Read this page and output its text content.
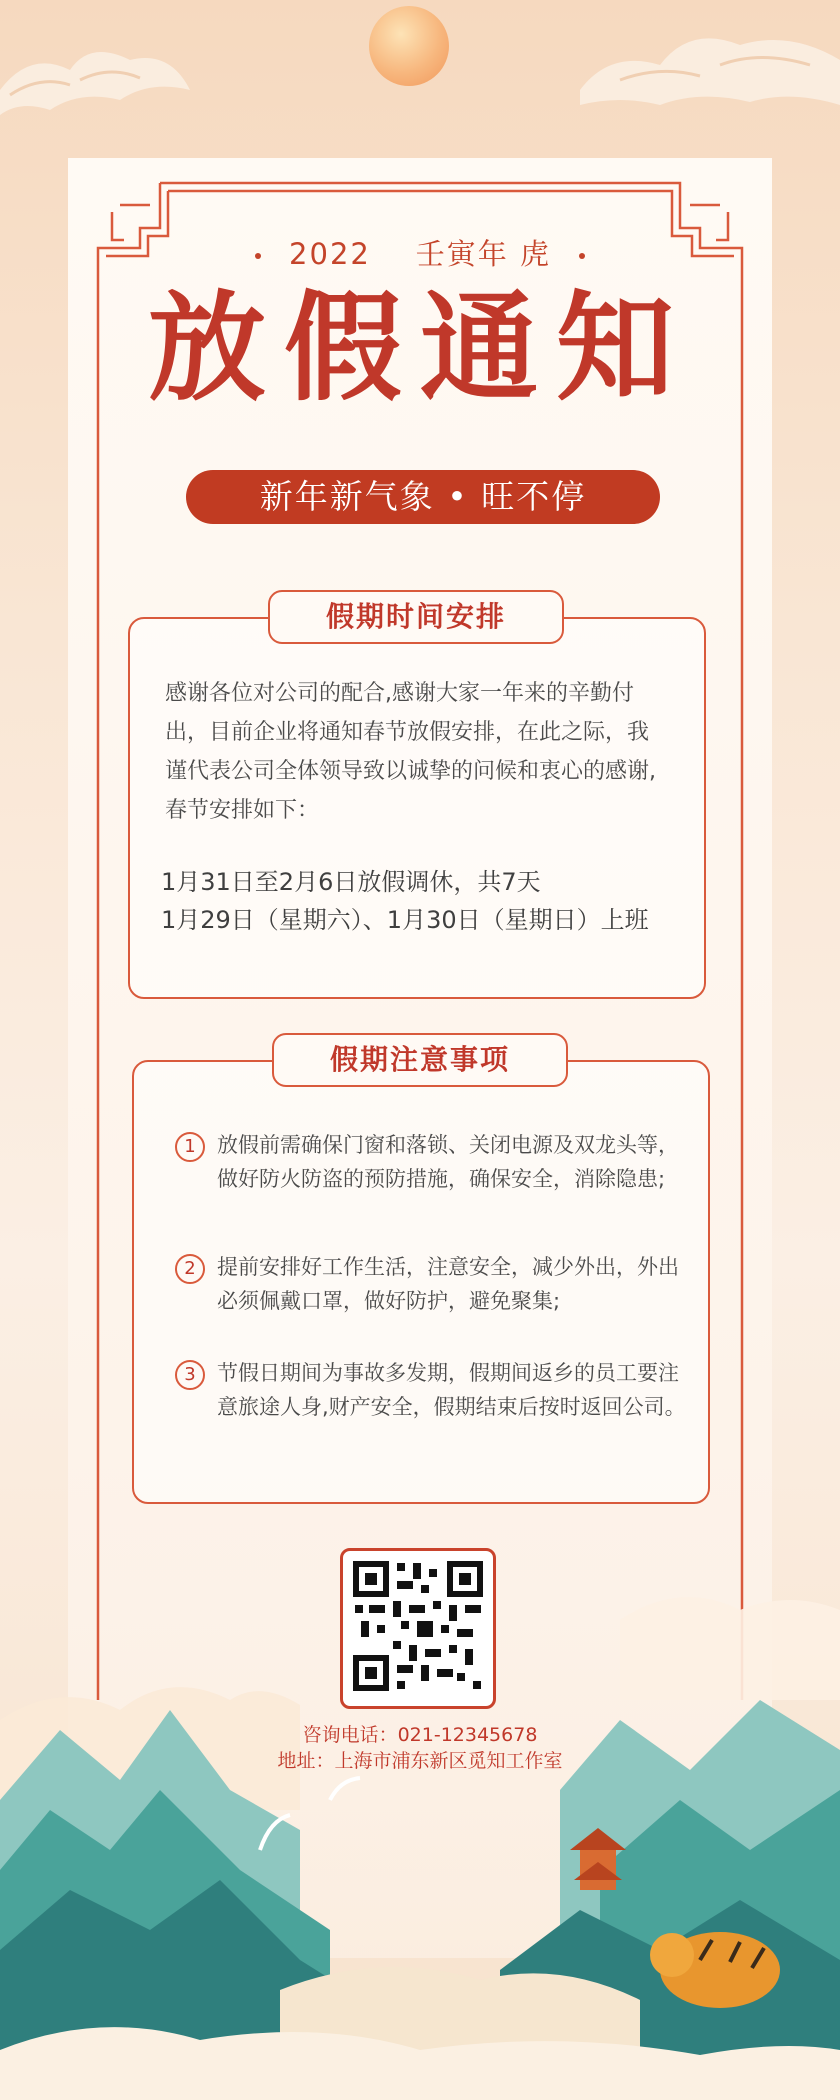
2022 壬寅年 虎
放假通知
新年新气象 • 旺不停
假期时间安排
感谢各位对公司的配合,感谢大家一年来的辛勤付出，目前企业将通知春节放假安排，在此之际，我谨代表公司全体领导致以诚挚的问候和衷心的感谢,春节安排如下：
1月31日至2月6日放假调休，共7天
1月29日（星期六）、1月30日（星期日）上班
假期注意事项
1	放假前需确保门窗和落锁、关闭电源及双龙头等，做好防火防盗的预防措施，确保安全，消除隐患;
2	提前安排好工作生活，注意安全，减少外出，外出必须佩戴口罩，做好防护，避免聚集;
3	节假日期间为事故多发期，假期间返乡的员工要注意旅途人身,财产安全，假期结束后按时返回公司。
咨询电话：021-12345678
地址：上海市浦东新区觅知工作室
